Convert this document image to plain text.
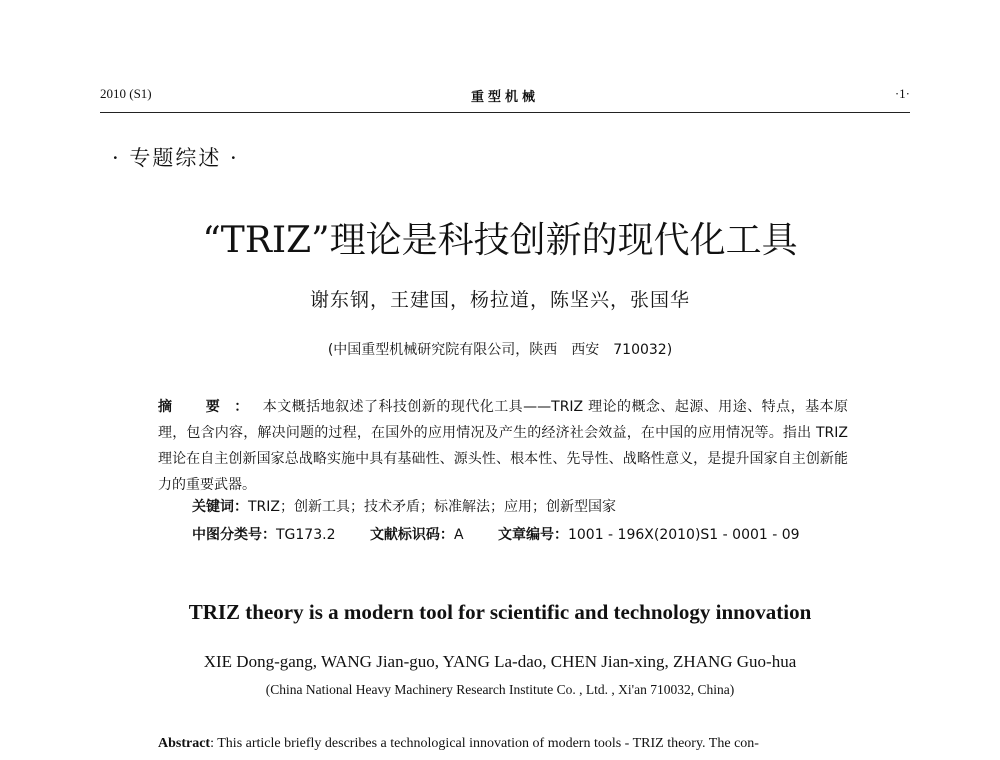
2010 (S1)	重型机械	·1·
· 专题综述 ·
“TRIZ”理论是科技创新的现代化工具
谢东钢，王建国，杨拉道，陈坚兴，张国华
(中国重型机械研究院有限公司，陕西　西安　710032)
摘 要：本文概括地叙述了科技创新的现代化工具——TRIZ 理论的概念、起源、用途、特点，基本原理，包含内容，解决问题的过程，在国外的应用情况及产生的经济社会效益，在中国的应用情况等。指出 TRIZ 理论在自主创新国家总战略实施中具有基础性、源头性、根本性、先导性、战略性意义，是提升国家自主创新能力的重要武器。
关键词：TRIZ；创新工具；技术矛盾；标准解法；应用；创新型国家
中图分类号：TG173.2 文献标识码：A 文章编号：1001 - 196X(2010)S1 - 0001 - 09
TRIZ theory is a modern tool for scientific and technology innovation
XIE Dong-gang, WANG Jian-guo, YANG La-dao, CHEN Jian-xing, ZHANG Guo-hua
(China National Heavy Machinery Research Institute Co. , Ltd. , Xi'an 710032, China)
Abstract: This article briefly describes a technological innovation of modern tools - TRIZ theory. The con-
